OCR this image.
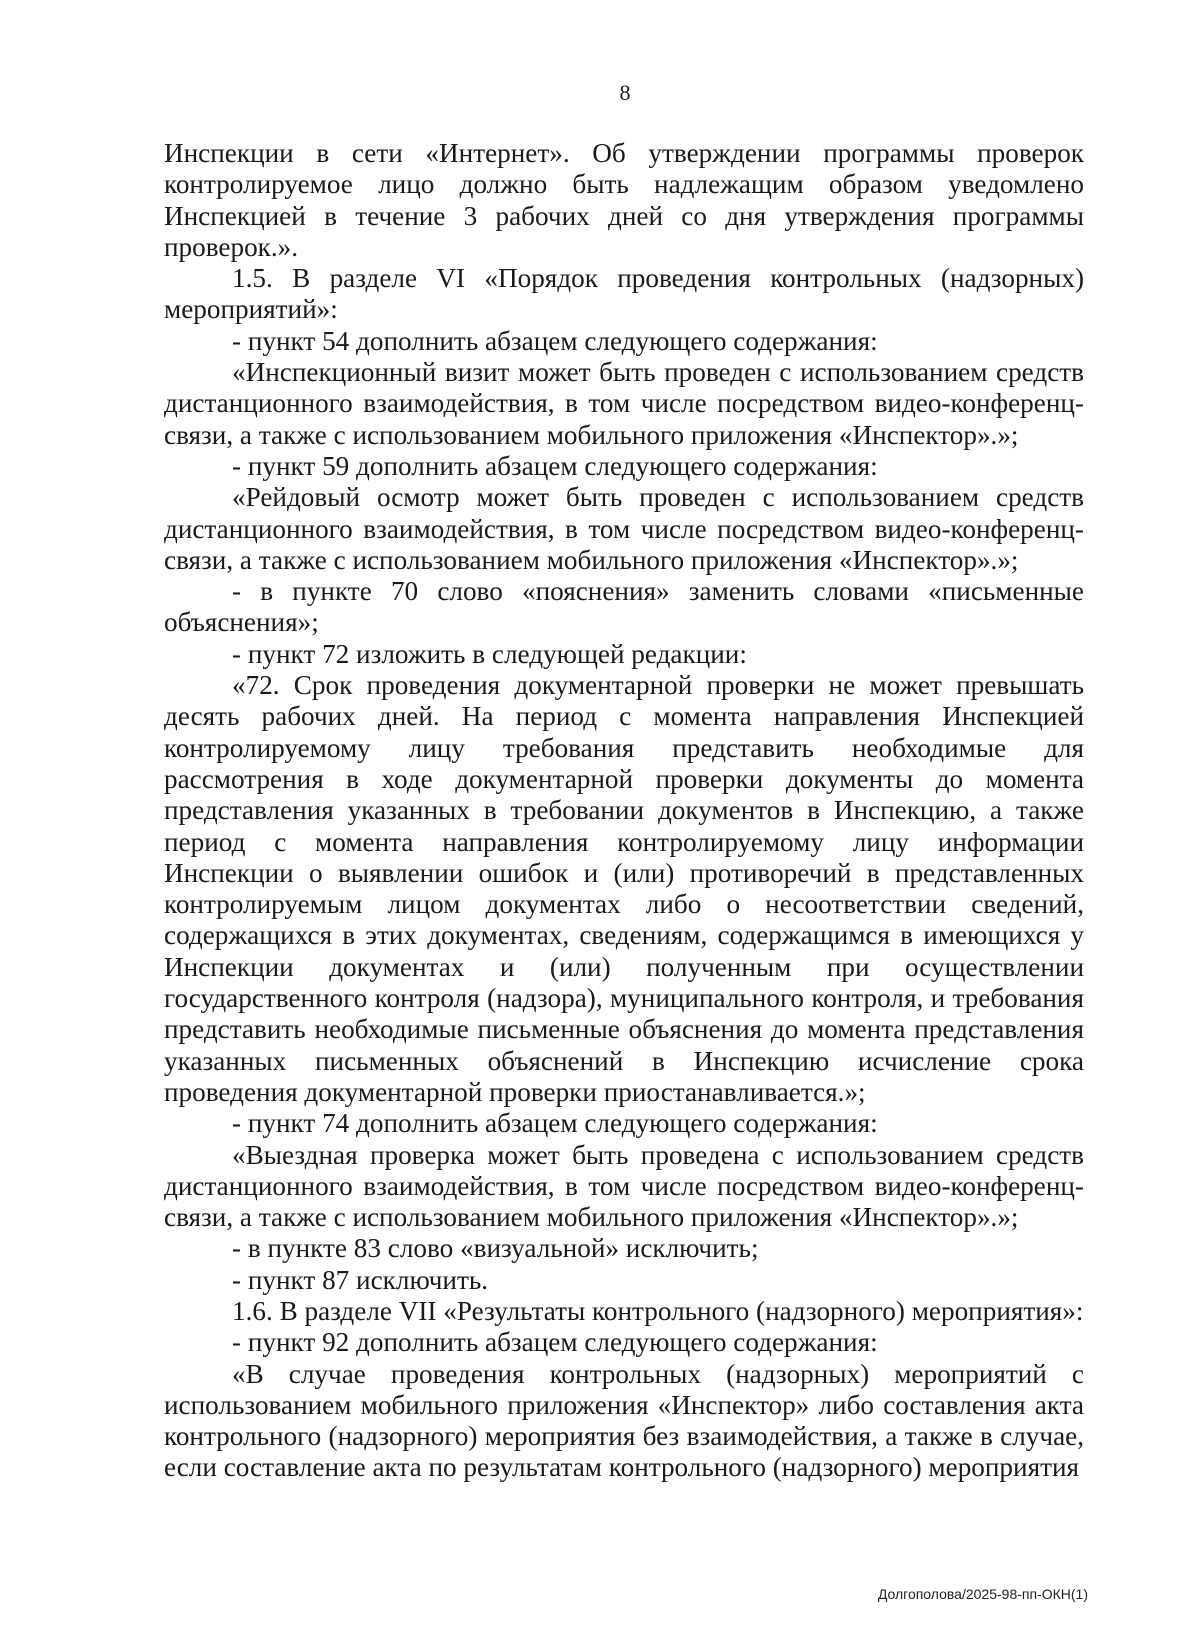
8

Инспекции в сети «Интернет». Об утверждении программы проверок контролируемое лицо должно быть надлежащим образом уведомлено Инспекцией в течение 3 рабочих дней со дня утверждения программы проверок.».

1.5. В разделе VI «Порядок проведения контрольных (надзорных) мероприятий»:

- пункт 54 дополнить абзацем следующего содержания:

«Инспекционный визит может быть проведен с использованием средств дистанционного взаимодействия, в том числе посредством видео-конференц-связи, а также с использованием мобильного приложения «Инспектор».»;

- пункт 59 дополнить абзацем следующего содержания:

«Рейдовый осмотр может быть проведен с использованием средств дистанционного взаимодействия, в том числе посредством видео-конференц-связи, а также с использованием мобильного приложения «Инспектор».»;

- в пункте 70 слово «пояснения» заменить словами «письменные объяснения»;

- пункт 72 изложить в следующей редакции:

«72. Срок проведения документарной проверки не может превышать десять рабочих дней. На период с момента направления Инспекцией контролируемому лицу требования представить необходимые для рассмотрения в ходе документарной проверки документы до момента представления указанных в требовании документов в Инспекцию, а также период с момента направления контролируемому лицу информации Инспекции о выявлении ошибок и (или) противоречий в представленных контролируемым лицом документах либо о несоответствии сведений, содержащихся в этих документах, сведениям, содержащимся в имеющихся у Инспекции документах и (или) полученным при осуществлении государственного контроля (надзора), муниципального контроля, и требования представить необходимые письменные объяснения до момента представления указанных письменных объяснений в Инспекцию исчисление срока проведения документарной проверки приостанавливается.»;

- пункт 74 дополнить абзацем следующего содержания:

«Выездная проверка может быть проведена с использованием средств дистанционного взаимодействия, в том числе посредством видео-конференц-связи, а также с использованием мобильного приложения «Инспектор».»;

- в пункте 83 слово «визуальной» исключить;

- пункт 87 исключить.

1.6. В разделе VII «Результаты контрольного (надзорного) мероприятия»:

- пункт 92 дополнить абзацем следующего содержания:

«В случае проведения контрольных (надзорных) мероприятий с использованием мобильного приложения «Инспектор» либо составления акта контрольного (надзорного) мероприятия без взаимодействия, а также в случае, если составление акта по результатам контрольного (надзорного) мероприятия

Долгополова/2025-98-пп-ОКН(1)
